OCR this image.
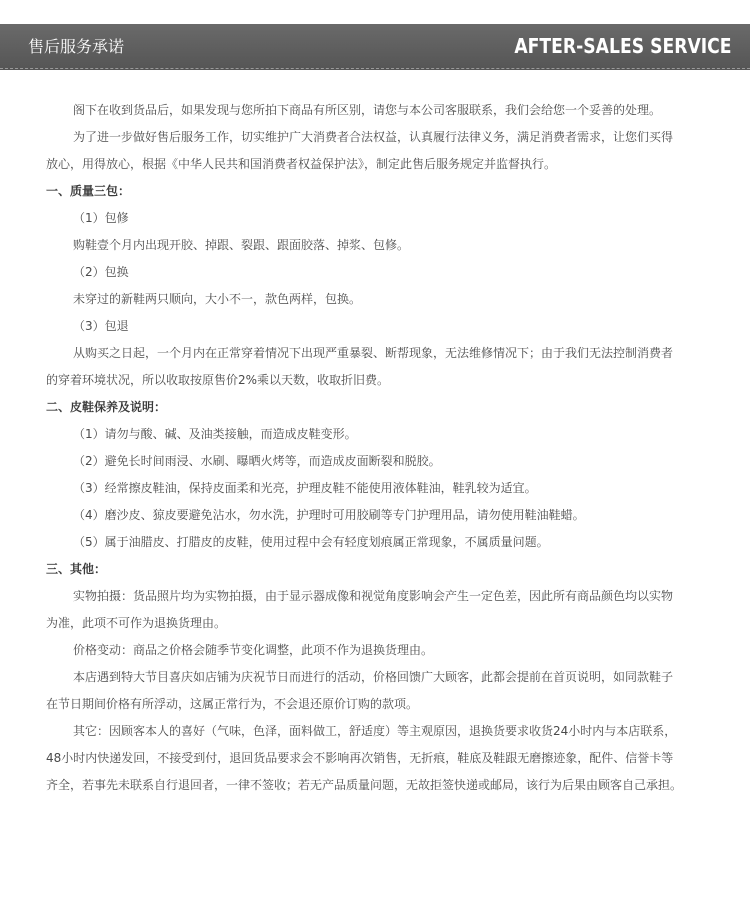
售后服务承诺	AFTER-SALES SERVICE

阁下在收到货品后，如果发现与您所拍下商品有所区别，请您与本公司客服联系，我们会给您一个妥善的处理。

为了进一步做好售后服务工作，切实维护广大消费者合法权益，认真履行法律义务，满足消费者需求，让您们买得

放心，用得放心，根据《中华人民共和国消费者权益保护法》，制定此售后服务规定并监督执行。

一、质量三包：

（1）包修

购鞋壹个月内出现开胶、掉跟、裂跟、跟面胶落、掉浆、包修。

（2）包换

未穿过的新鞋两只顺向，大小不一，款色两样，包换。

（3）包退

从购买之日起，一个月内在正常穿着情况下出现严重暴裂、断帮现象，无法维修情况下；由于我们无法控制消费者

的穿着环境状况，所以收取按原售价2%乘以天数，收取折旧费。

二、皮鞋保养及说明：

（1）请勿与酸、碱、及油类接触，而造成皮鞋变形。

（2）避免长时间雨浸、水刷、曝晒火烤等，而造成皮面断裂和脱胶。

（3）经常擦皮鞋油，保持皮面柔和光亮，护理皮鞋不能使用液体鞋油，鞋乳较为适宜。

（4）磨沙皮、猄皮要避免沾水，勿水洗，护理时可用胶刷等专门护理用品，请勿使用鞋油鞋蜡。

（5）属于油腊皮、打腊皮的皮鞋，使用过程中会有轻度划痕属正常现象，不属质量问题。

三、其他：

实物拍摄：货品照片均为实物拍摄，由于显示器成像和视觉角度影响会产生一定色差，因此所有商品颜色均以实物

为准，此项不可作为退换货理由。

价格变动：商品之价格会随季节变化调整，此项不作为退换货理由。

本店遇到特大节目喜庆如店铺为庆祝节日而进行的活动，价格回馈广大顾客，此都会提前在首页说明，如同款鞋子

在节日期间价格有所浮动，这属正常行为，不会退还原价订购的款项。

其它：因顾客本人的喜好（气味，色泽，面料做工，舒适度）等主观原因，退换货要求收货24小时内与本店联系，

48小时内快递发回，不接受到付，退回货品要求会不影响再次销售，无折痕，鞋底及鞋跟无磨擦迹象，配件、信誉卡等

齐全，若事先未联系自行退回者，一律不签收；若无产品质量问题，无故拒签快递或邮局，该行为后果由顾客自己承担。
